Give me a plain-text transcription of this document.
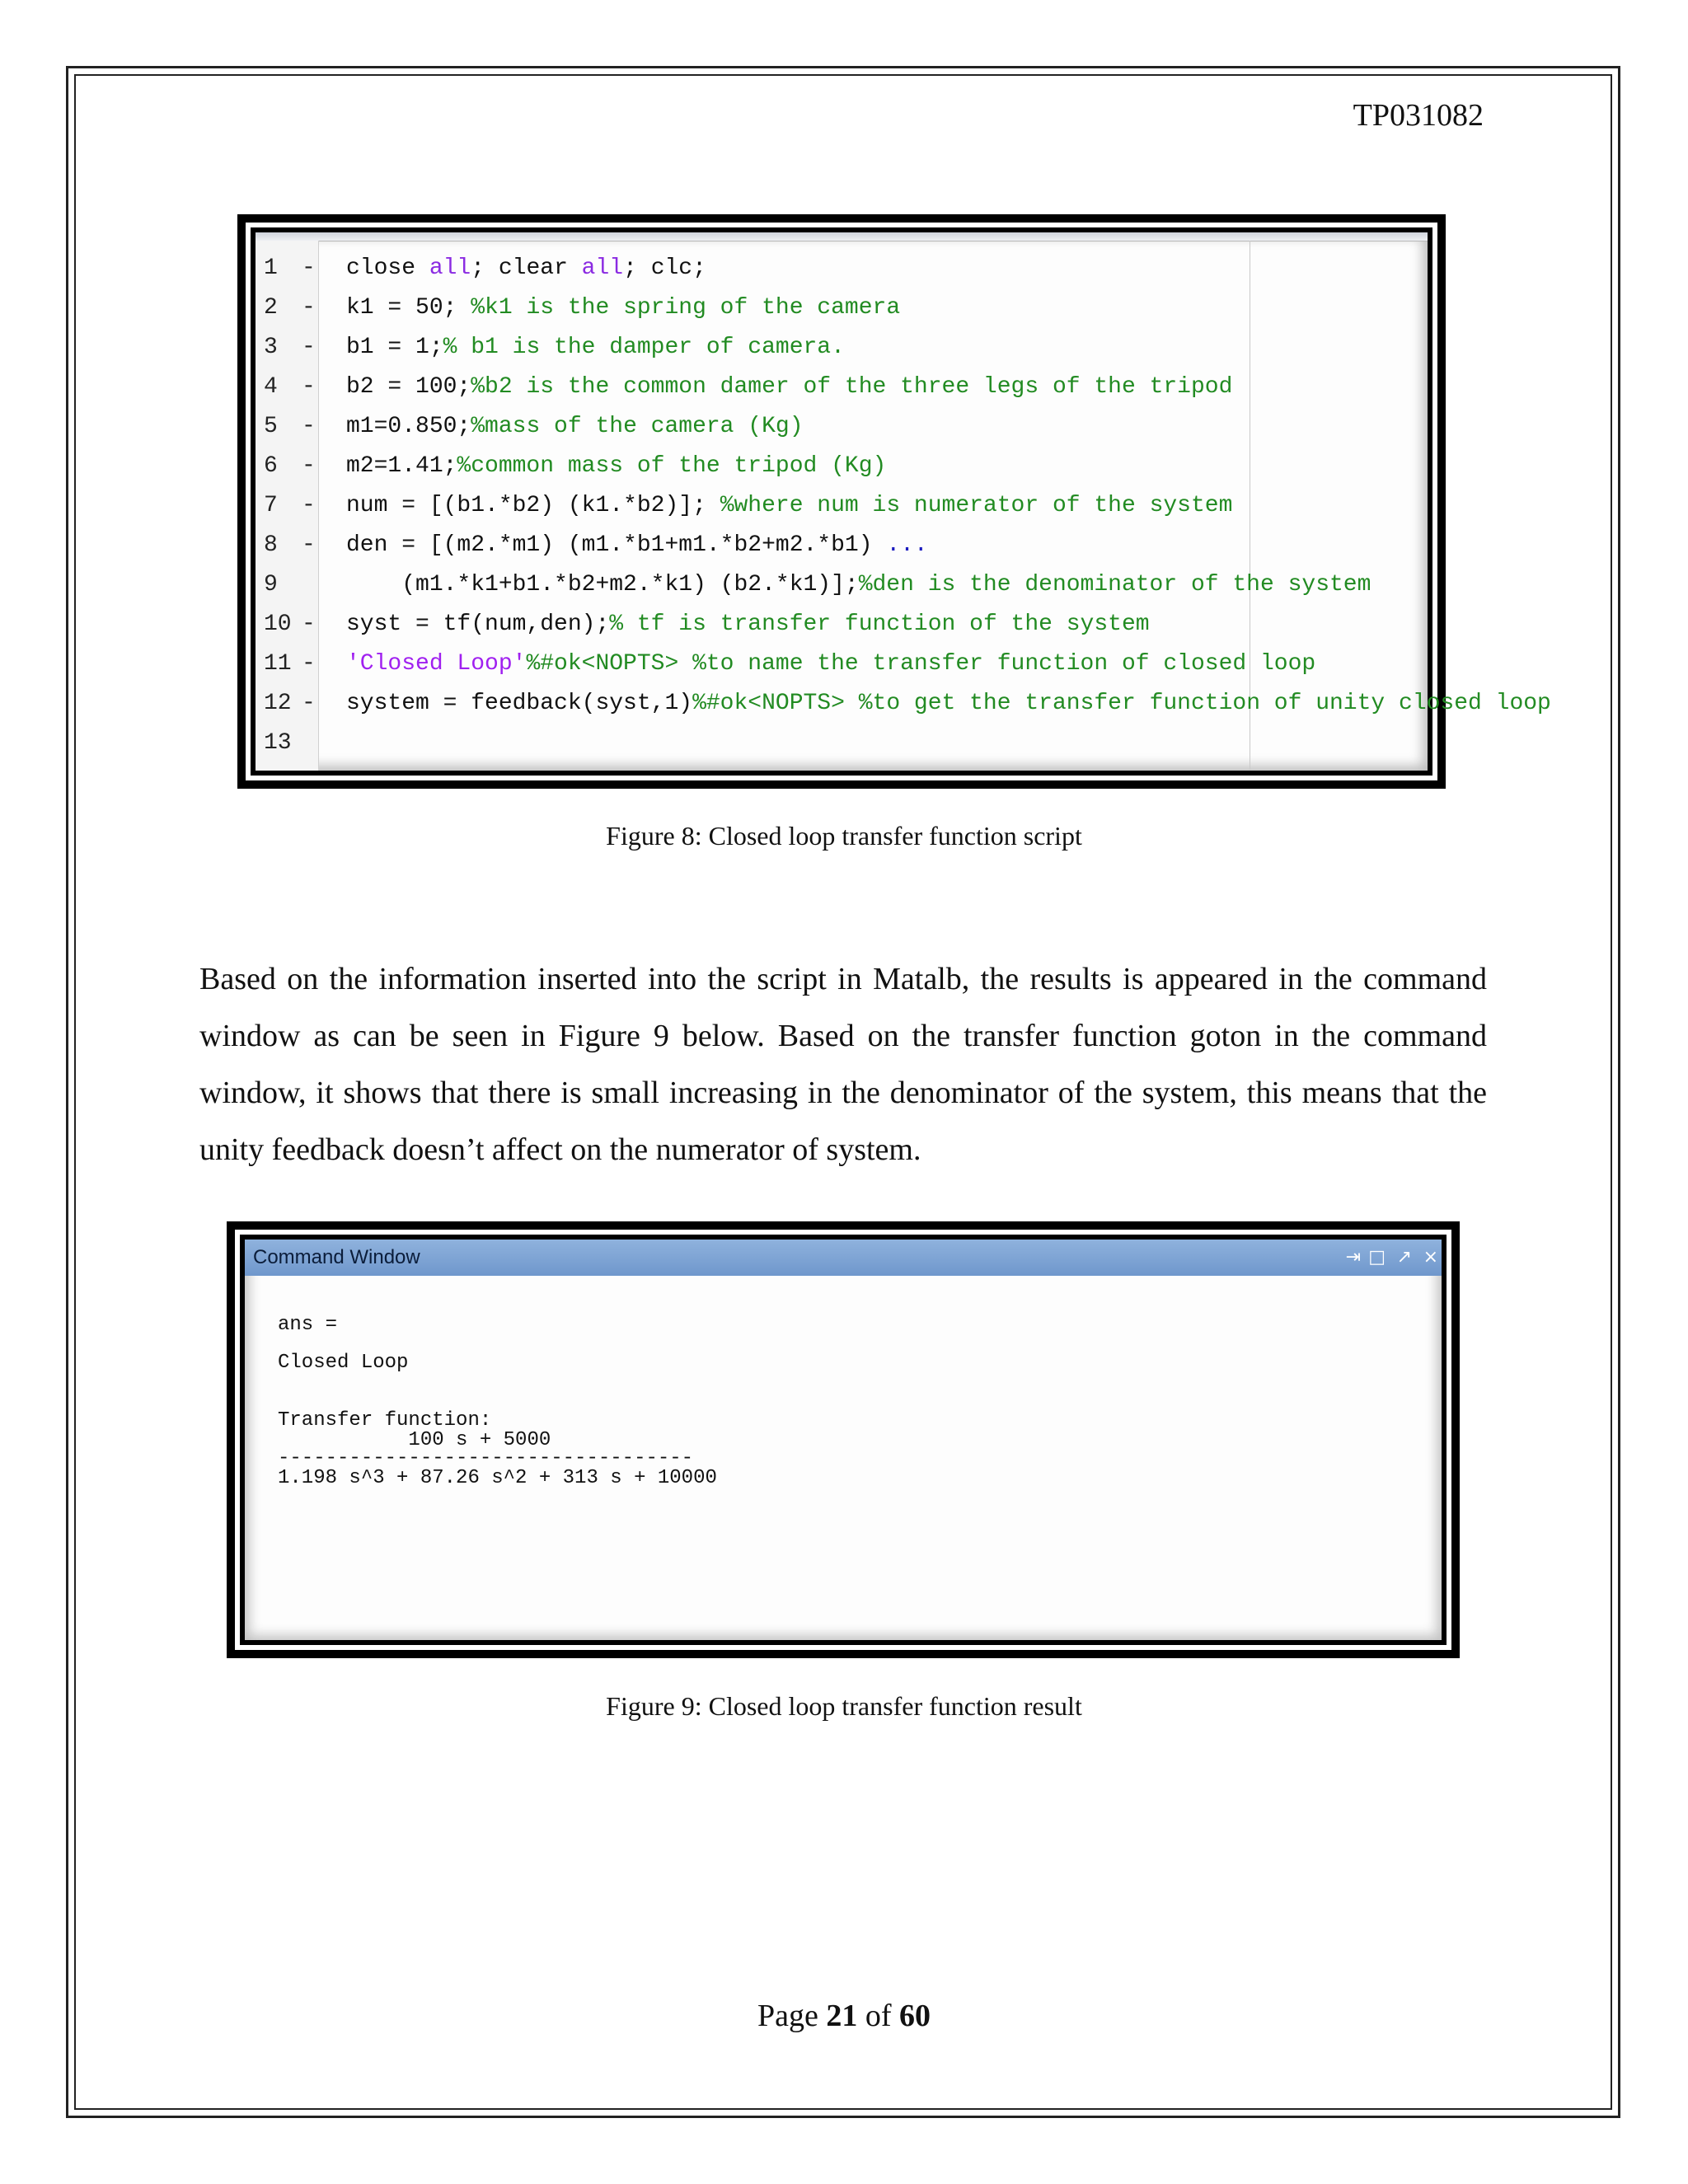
TP031082
1	- close all; clear all; clc;
2	- k1 = 50; %k1 is the spring of the camera
3	- b1 = 1;% b1 is the damper of camera.
4	- b2 = 100;%b2 is the common damer of the three legs of the tripod
5	- m1=0.850;%mass of the camera (Kg)
6	- m2=1.41;%common mass of the tripod (Kg)
7	- num = [(b1.*b2) (k1.*b2)]; %where num is numerator of the system
8	- den = [(m2.*m1) (m1.*b1+m1.*b2+m2.*b1) ...
9	(m1.*k1+b1.*b2+m2.*k1) (b2.*k1)];%den is the denominator of the system
10 - syst = tf(num,den);% tf is transfer function of the system
11 - 'Closed Loop'%#ok<NOPTS> %to name the transfer function of closed loop
12 - system = feedback(syst,1)%#ok<NOPTS> %to get the transfer function of unity closed loop
13
Figure 8: Closed loop transfer function script
Based on the information inserted into the script in Matalb, the results is appeared in the command window as can be seen in Figure 9 below. Based on the transfer function goton in the command window, it shows that there is small increasing in the denominator of the system, this means that the unity feedback doesn’t affect on the numerator of system.
Command Window	⇥ □ ↗ ×
ans =
Closed Loop
Transfer function:
100 s + 5000
-----------------------------------
1.198 s^3 + 87.26 s^2 + 313 s + 10000
Figure 9: Closed loop transfer function result
Page 21 of 60
